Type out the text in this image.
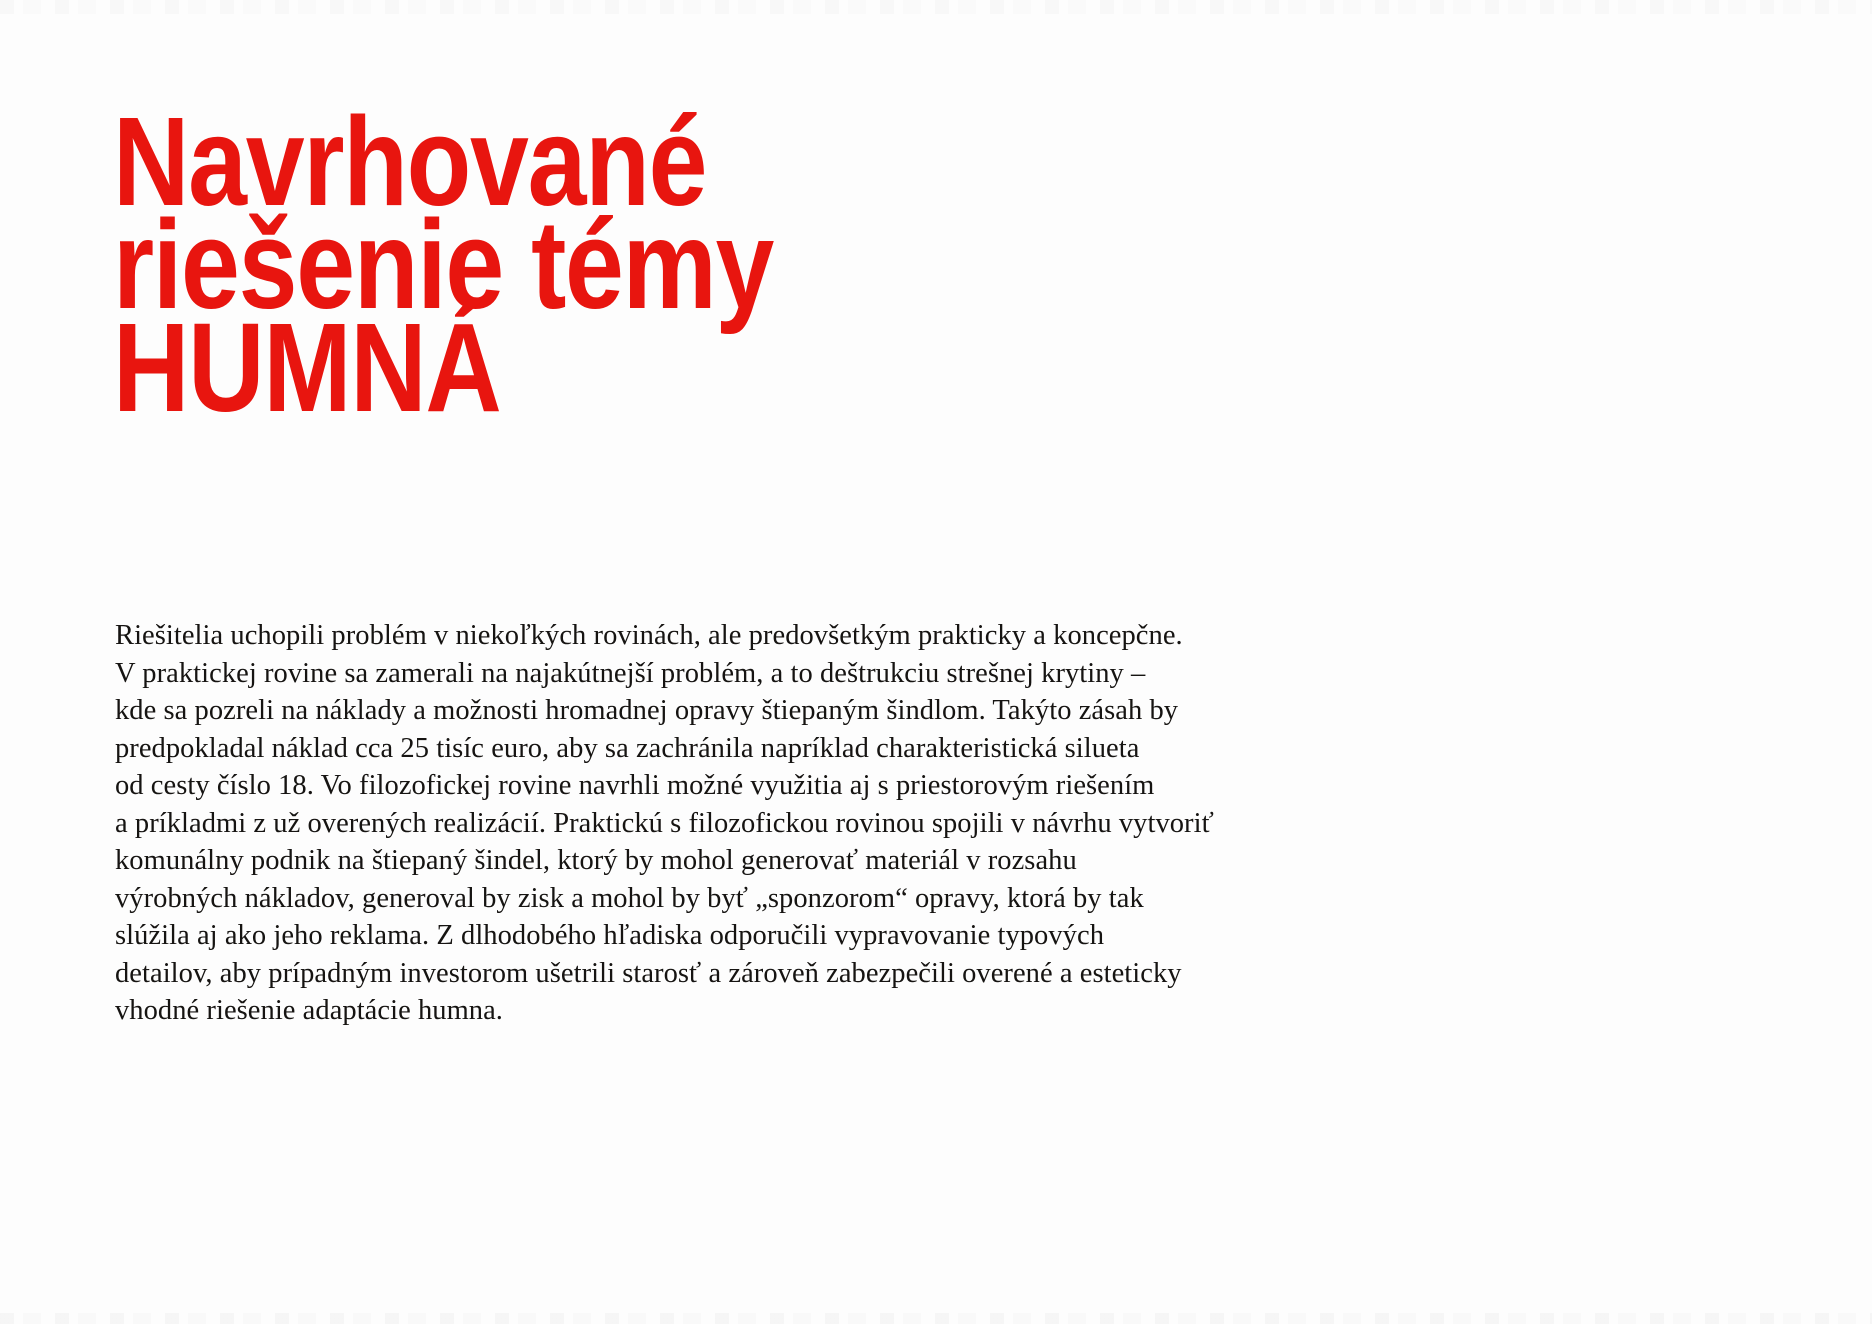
Navrhované
riešenie témy
HUMNÁ
Riešitelia uchopili problém v niekoľkých rovinách, ale predovšetkým prakticky a koncepčne.
V praktickej rovine sa zamerali na najakútnejší problém, a to deštrukciu strešnej krytiny –
kde sa pozreli na náklady a možnosti hromadnej opravy štiepaným šindlom. Takýto zásah by
predpokladal náklad cca 25 tisíc euro, aby sa zachránila napríklad charakteristická silueta
od cesty číslo 18. Vo filozofickej rovine navrhli možné využitia aj s priestorovým riešením
a príkladmi z už overených realizácií. Praktickú s filozofickou rovinou spojili v návrhu vytvoriť
komunálny podnik na štiepaný šindel, ktorý by mohol generovať materiál v rozsahu
výrobných nákladov, generoval by zisk a mohol by byť „sponzorom“ opravy, ktorá by tak
slúžila aj ako jeho reklama. Z dlhodobého hľadiska odporučili vypravovanie typových
detailov, aby prípadným investorom ušetrili starosť a zároveň zabezpečili overené a esteticky
vhodné riešenie adaptácie humna.
